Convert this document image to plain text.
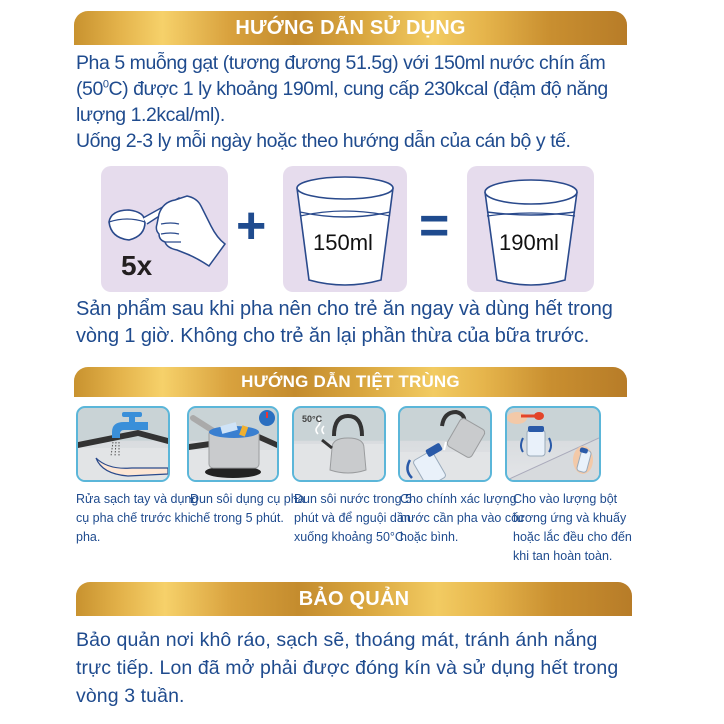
HƯỚNG DẪN SỬ DỤNG
Pha 5 muỗng gạt (tương đương 51.5g) với 150ml nước chín ấm
$(50^0C)$ được 1 ly khoảng 190ml, cung cấp 230kcal (đậm độ năng
lượng 1.2kcal/ml).
Uống 2-3 ly mỗi ngày hoặc theo hướng dẫn của cán bộ y tế.
5x
+ 150ml = 190ml
Sản phẩm sau khi pha nên cho trẻ ăn ngay và dùng hết trong
vòng 1 giờ. Không cho trẻ ăn lại phần thừa của bữa trước.
HƯỚNG DẪN TIỆT TRÙNG
50°C
Rửa sạch tay và dụng
cụ pha chế trước khi
pha.
Đun sôi dụng cụ pha
chế trong 5 phút.
Đun sôi nước trong 5
phút và để nguội dần
xuống khoảng 50°C.
Cho chính xác lượng
nước cần pha vào cốc
hoặc bình.
Cho vào lượng bột
tương ứng và khuấy
hoặc lắc đều cho đến
khi tan hoàn toàn.
BẢO QUẢN
Bảo quản nơi khô ráo, sạch sẽ, thoáng mát, tránh ánh nắng
trực tiếp. Lon đã mở phải được đóng kín và sử dụng hết trong
vòng 3 tuần.
